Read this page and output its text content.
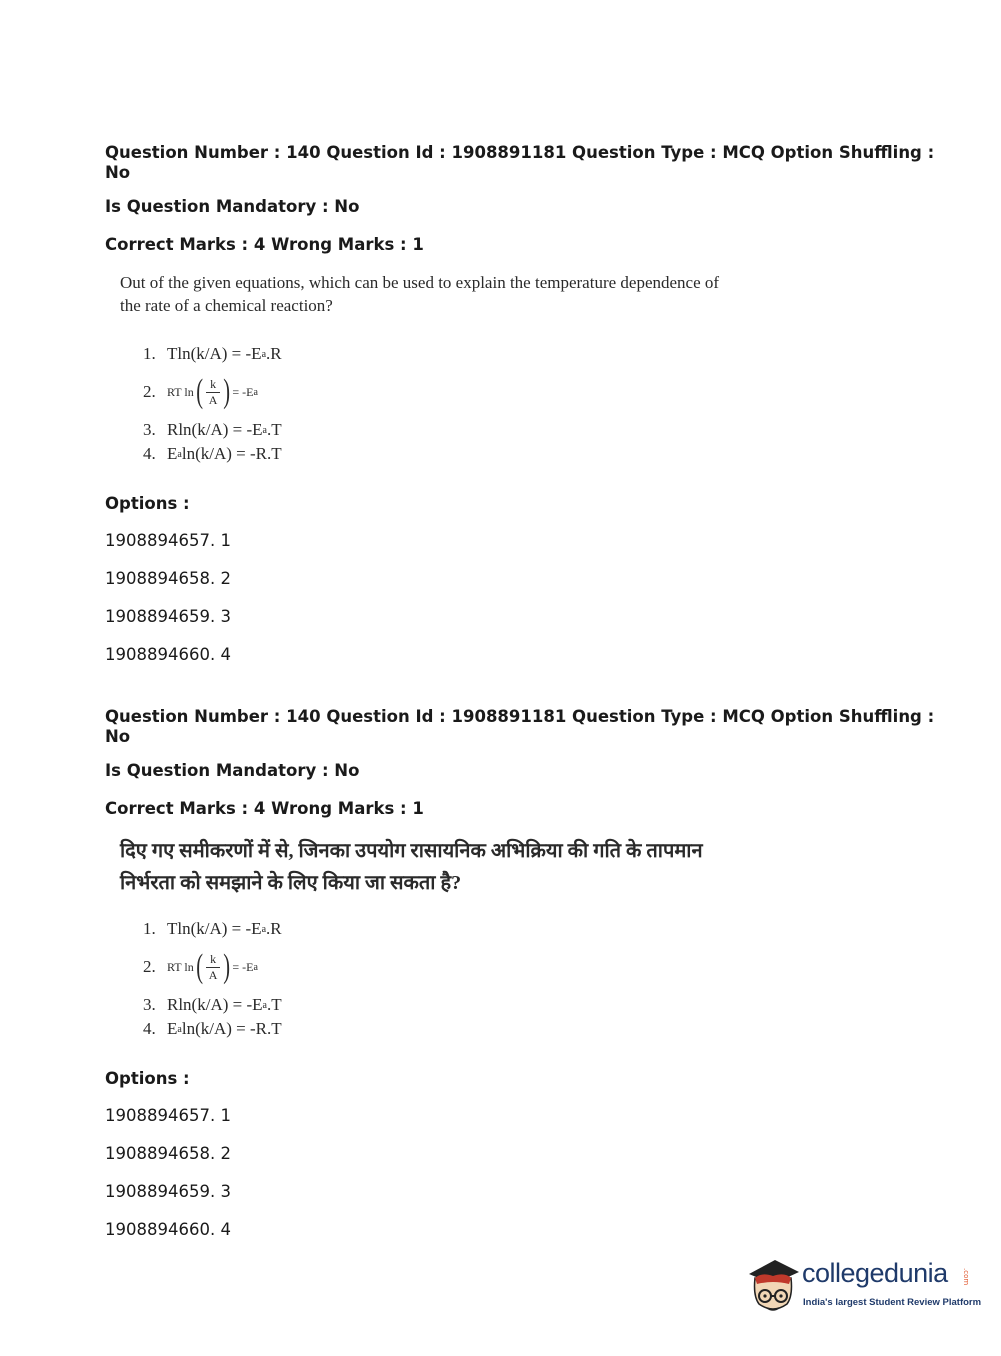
Question Number : 140 Question Id : 1908891181 Question Type : MCQ Option Shuffling : No

Is Question Mandatory : No

Correct Marks : 4 Wrong Marks : 1

Out of the given equations, which can be used to explain the temperature dependence of the rate of a chemical reaction?
1. Tln(k/A) = -E a .R
2. RT ln ( $\frac{k}{A}$ ) = -E a
3. Rln(k/A) = -E a .T
4. E a ln(k/A) = -R.T

Options :

1908894657. 1

1908894658. 2

1908894659. 3

1908894660. 4

Question Number : 140 Question Id : 1908891181 Question Type : MCQ Option Shuffling : No

Is Question Mandatory : No

Correct Marks : 4 Wrong Marks : 1

दिए गए समीकरणों में से, जिनका उपयोग रासायनिक अभिक्रिया की गति के तापमान निर्भरता को समझाने के लिए किया जा सकता है?
1. Tln(k/A) = -E a .R
2. RT ln ( $\frac{k}{A}$ ) = -E a
3. Rln(k/A) = -E a .T
4. E a ln(k/A) = -R.T

Options :

1908894657. 1

1908894658. 2

1908894659. 3

1908894660. 4

collegedunia .com
India's largest Student Review Platform
